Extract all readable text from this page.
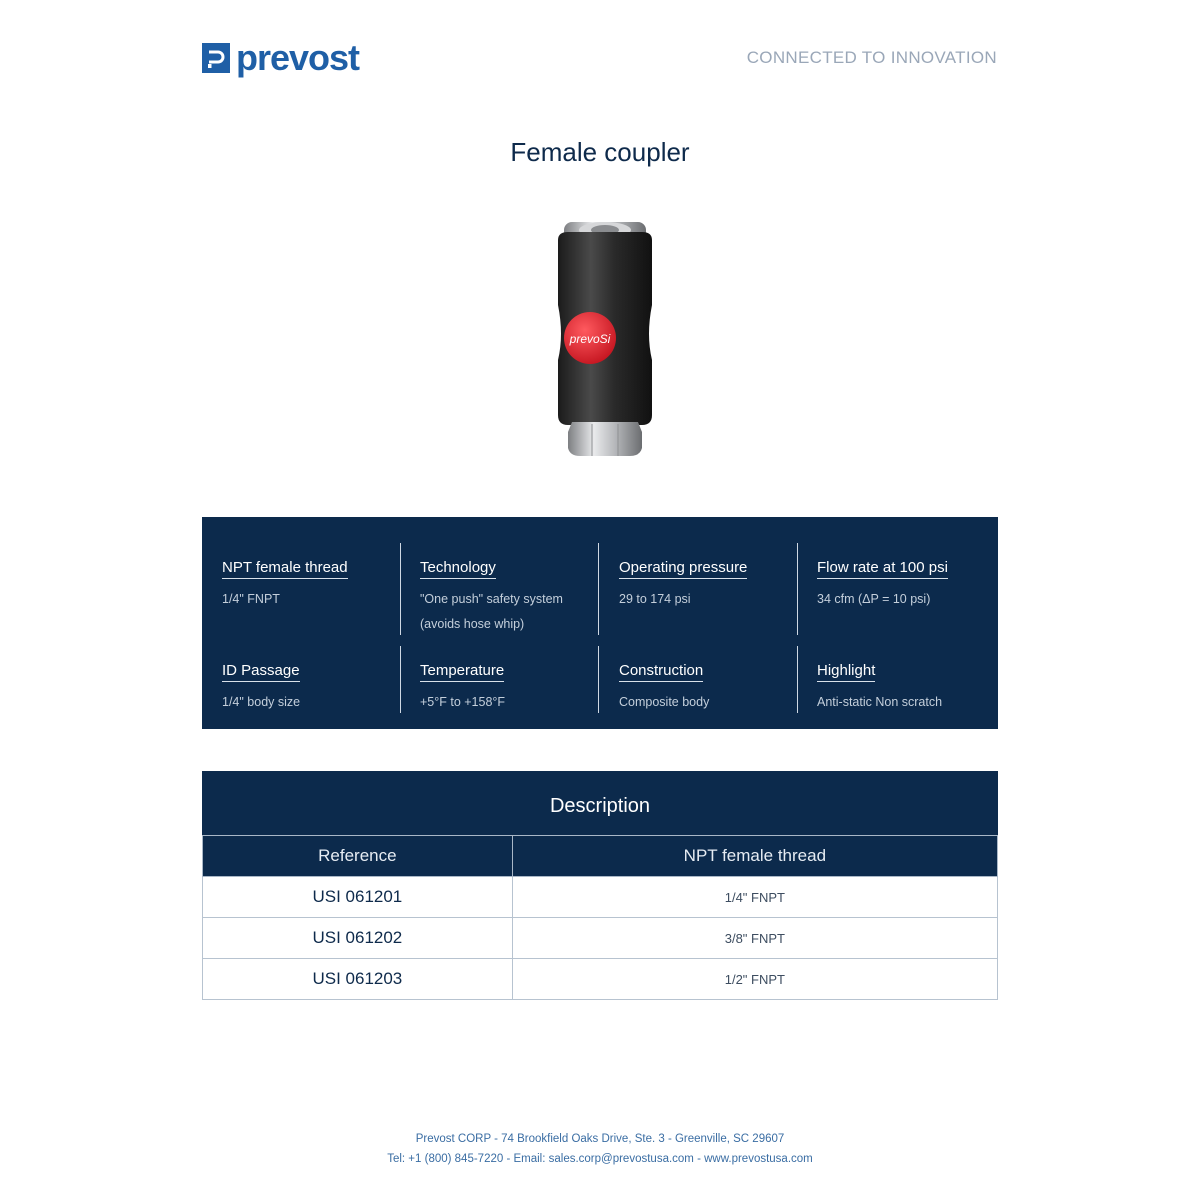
prevost	CONNECTED TO INNOVATION
Female coupler
prevoSi
NPT female thread
1/4" FNPT
Technology
"One push" safety system (avoids hose whip)
Operating pressure
29 to 174 psi
Flow rate at 100 psi
34 cfm (ΔP = 10 psi)
ID Passage
1/4" body size
Temperature
+5°F to +158°F
Construction
Composite body
Highlight
Anti-static Non scratch
Description
Reference	NPT female thread
USI 061201	1/4" FNPT
USI 061202	3/8" FNPT
USI 061203	1/2" FNPT
Prevost CORP - 74 Brookfield Oaks Drive, Ste. 3 - Greenville, SC 29607
Tel: +1 (800) 845-7220 - Email: sales.corp@prevostusa.com - www.prevostusa.com
